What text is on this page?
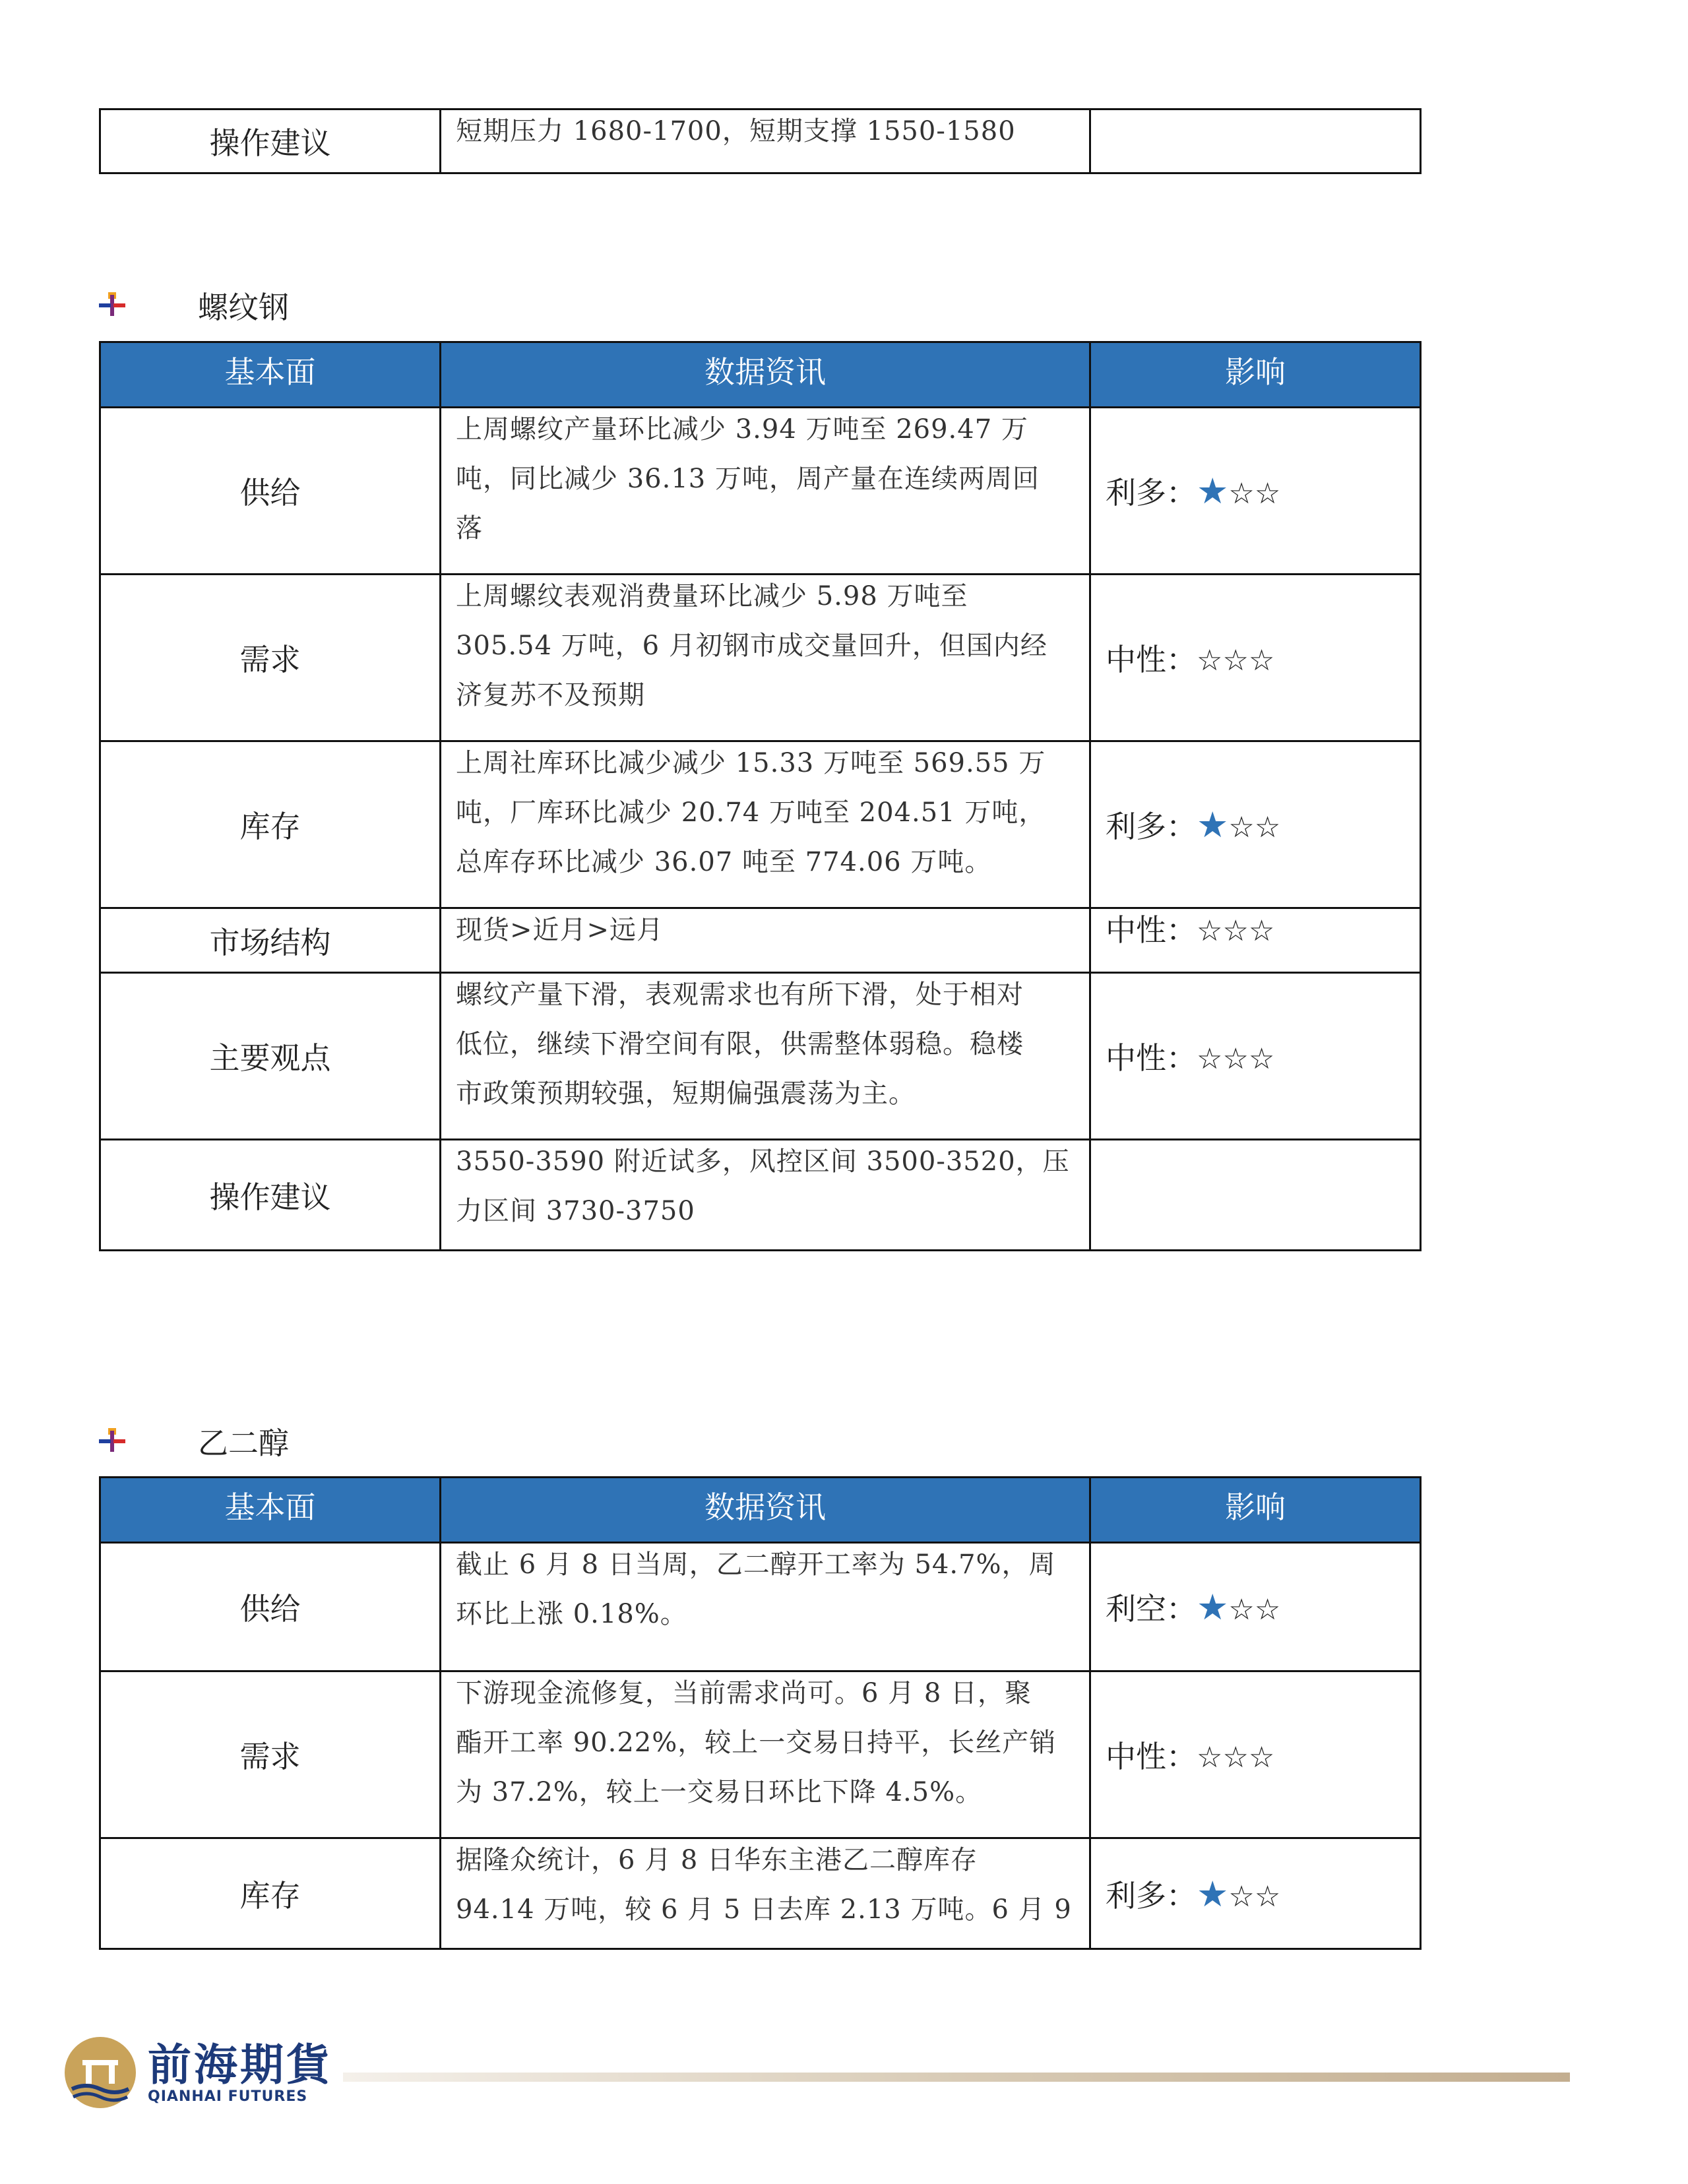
操作建议	短期压力 1680-1700，短期支撑 1550-1580

螺纹钢
基本面	数据资讯	影响
供给	上周螺纹产量环比减少 3.94 万吨至 269.47 万
吨，同比减少 36.13 万吨，周产量在连续两周回
落	利多：★☆☆
需求	上周螺纹表观消费量环比减少 5.98 万吨至
305.54 万吨，6 月初钢市成交量回升，但国内经
济复苏不及预期	中性：☆☆☆
库存	上周社库环比减少减少 15.33 万吨至 569.55 万
吨，厂库环比减少 20.74 万吨至 204.51 万吨，
总库存环比减少 36.07 吨至 774.06 万吨。	利多：★☆☆
市场结构	现货>近月>远月	中性：☆☆☆
主要观点	螺纹产量下滑，表观需求也有所下滑，处于相对
低位，继续下滑空间有限，供需整体弱稳。稳楼
市政策预期较强，短期偏强震荡为主。	中性：☆☆☆
操作建议	3550-3590 附近试多，风控区间 3500-3520，压
力区间 3730-3750	

乙二醇
基本面	数据资讯	影响
供给	截止 6 月 8 日当周，乙二醇开工率为 54.7%，周
环比上涨 0.18%。	利空：★☆☆
需求	下游现金流修复，当前需求尚可。6 月 8 日，聚
酯开工率 90.22%，较上一交易日持平，长丝产销
为 37.2%，较上一交易日环比下降 4.5%。	中性：☆☆☆
库存	据隆众统计，6 月 8 日华东主港乙二醇库存
94.14 万吨，较 6 月 5 日去库 2.13 万吨。6 月 9	利多：★☆☆
前海期貨
QIANHAI FUTURES
